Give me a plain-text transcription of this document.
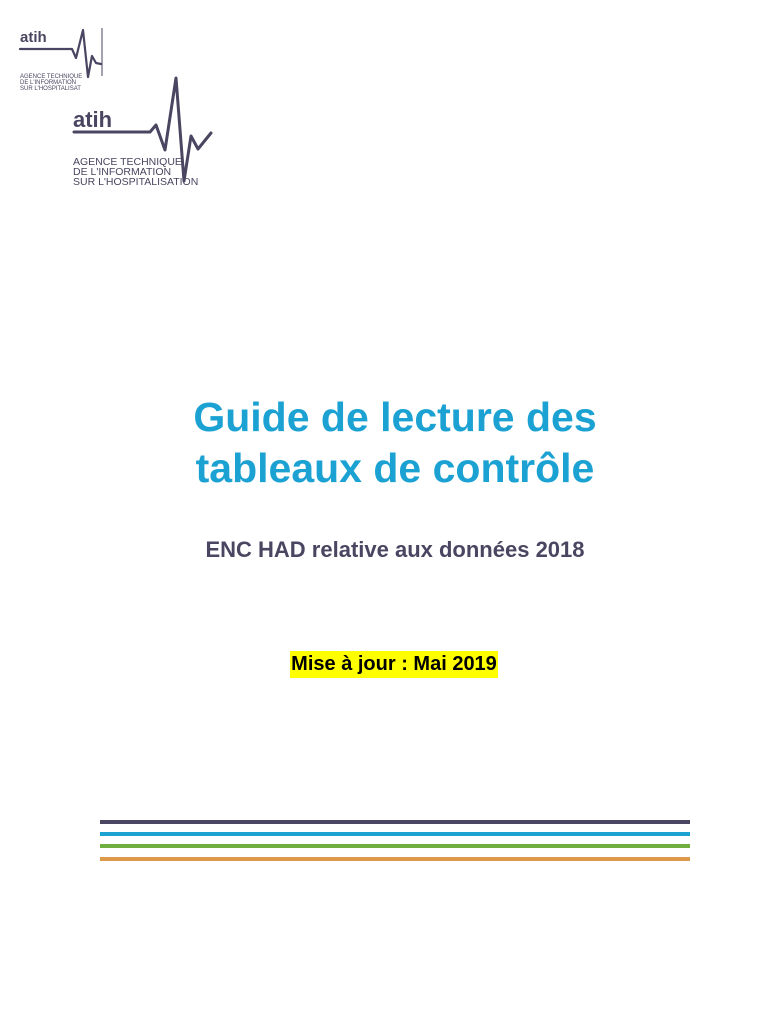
atih
AGENCE TECHNIQUE
DE L'INFORMATION
SUR L'HOSPITALISAT
atih
AGENCE TECHNIQUE
DE L'INFORMATION
SUR L'HOSPITALISATION
Guide de lecture des
tableaux de contrôle

ENC HAD relative aux données 2018

Mise à jour : Mai 2019
